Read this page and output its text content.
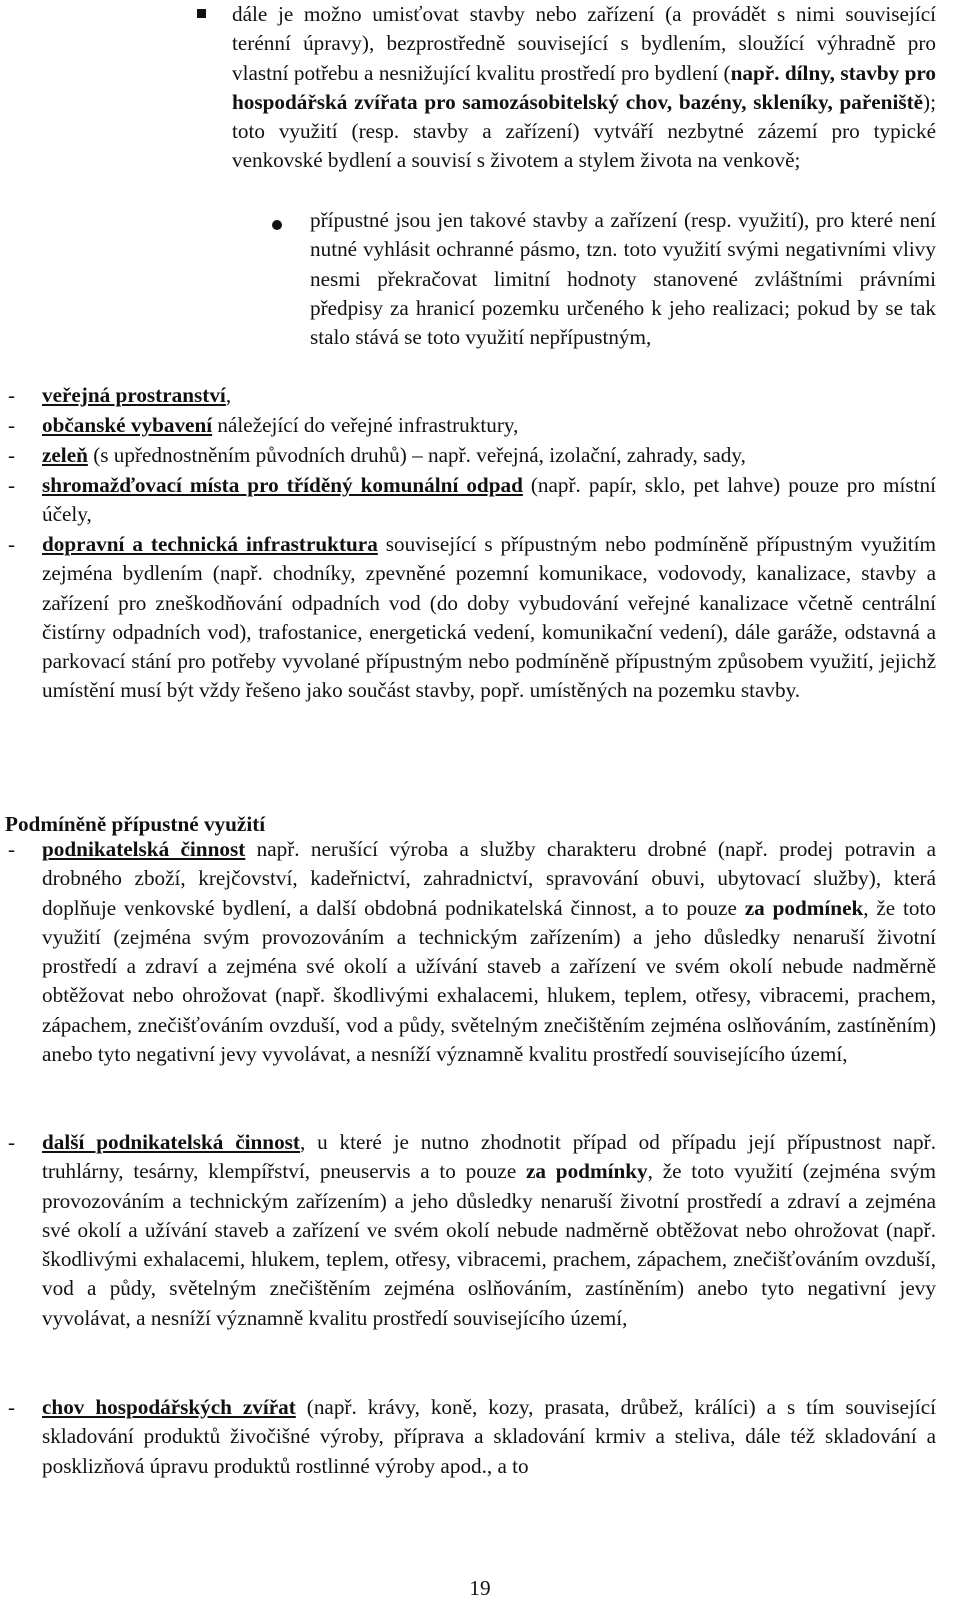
dále je možno umisťovat stavby nebo zařízení (a provádět s nimi související terénní úpravy), bezprostředně související s bydlením, sloužící výhradně pro vlastní potřebu a nesnižující kvalitu prostředí pro bydlení (např. dílny, stavby pro hospodářská zvířata pro samozásobitelský chov, bazény, skleníky, pařeniště); toto využití (resp. stavby a zařízení) vytváří nezbytné zázemí pro typické venkovské bydlení a souvisí s životem a stylem života na venkově;
přípustné jsou jen takové stavby a zařízení (resp. využití), pro které není nutné vyhlásit ochranné pásmo, tzn. toto využití svými negativními vlivy nesmi překračovat limitní hodnoty stanovené zvláštními právními předpisy za hranicí pozemku určeného k jeho realizaci; pokud by se tak stalo stává se toto využití nepřípustným,
- veřejná prostranství,
- občanské vybavení náležející do veřejné infrastruktury,
- zeleň (s upřednostněním původních druhů) – např. veřejná, izolační, zahrady, sady,
- shromažďovací místa pro tříděný komunální odpad (např. papír, sklo, pet lahve) pouze pro místní účely,
- dopravní a technická infrastruktura související s přípustným nebo podmíněně přípustným využitím zejména bydlením (např. chodníky, zpevněné pozemní komunikace, vodovody, kanalizace, stavby a zařízení pro zneškodňování odpadních vod (do doby vybudování veřejné kanalizace včetně centrální čistírny odpadních vod), trafostanice, energetická vedení, komunikační vedení), dále garáže, odstavná a parkovací stání pro potřeby vyvolané přípustným nebo podmíněně přípustným způsobem využití, jejichž umístění musí být vždy řešeno jako součást stavby, popř. umístěných na pozemku stavby.
Podmíněně přípustné využití
- podnikatelská činnost např. nerušící výroba a služby charakteru drobné (např. prodej potravin a drobného zboží, krejčovství, kadeřnictví, zahradnictví, spravování obuvi, ubytovací služby), která doplňuje venkovské bydlení, a další obdobná podnikatelská činnost, a to pouze za podmínek, že toto využití (zejména svým provozováním a technickým zařízením) a jeho důsledky nenaruší životní prostředí a zdraví a zejména své okolí a užívání staveb a zařízení ve svém okolí nebude nadměrně obtěžovat nebo ohrožovat (např. škodlivými exhalacemi, hlukem, teplem, otřesy, vibracemi, prachem, zápachem, znečišťováním ovzduší, vod a půdy, světelným znečištěním zejména oslňováním, zastíněním) anebo tyto negativní jevy vyvolávat, a nesníží významně kvalitu prostředí souvisejícího území,
- další podnikatelská činnost, u které je nutno zhodnotit případ od případu její přípustnost např. truhlárny, tesárny, klempířství, pneuservis a to pouze za podmínky, že toto využití (zejména svým provozováním a technickým zařízením) a jeho důsledky nenaruší životní prostředí a zdraví a zejména své okolí a užívání staveb a zařízení ve svém okolí nebude nadměrně obtěžovat nebo ohrožovat (např. škodlivými exhalacemi, hlukem, teplem, otřesy, vibracemi, prachem, zápachem, znečišťováním ovzduší, vod a půdy, světelným znečištěním zejména oslňováním, zastíněním) anebo tyto negativní jevy vyvolávat, a nesníží významně kvalitu prostředí souvisejícího území,
- chov hospodářských zvířat (např. krávy, koně, kozy, prasata, drůbež, králíci) a s tím související skladování produktů živočišné výroby, příprava a skladování krmiv a steliva, dále též skladování a posklizňová úpravu produktů rostlinné výroby apod., a to
19
